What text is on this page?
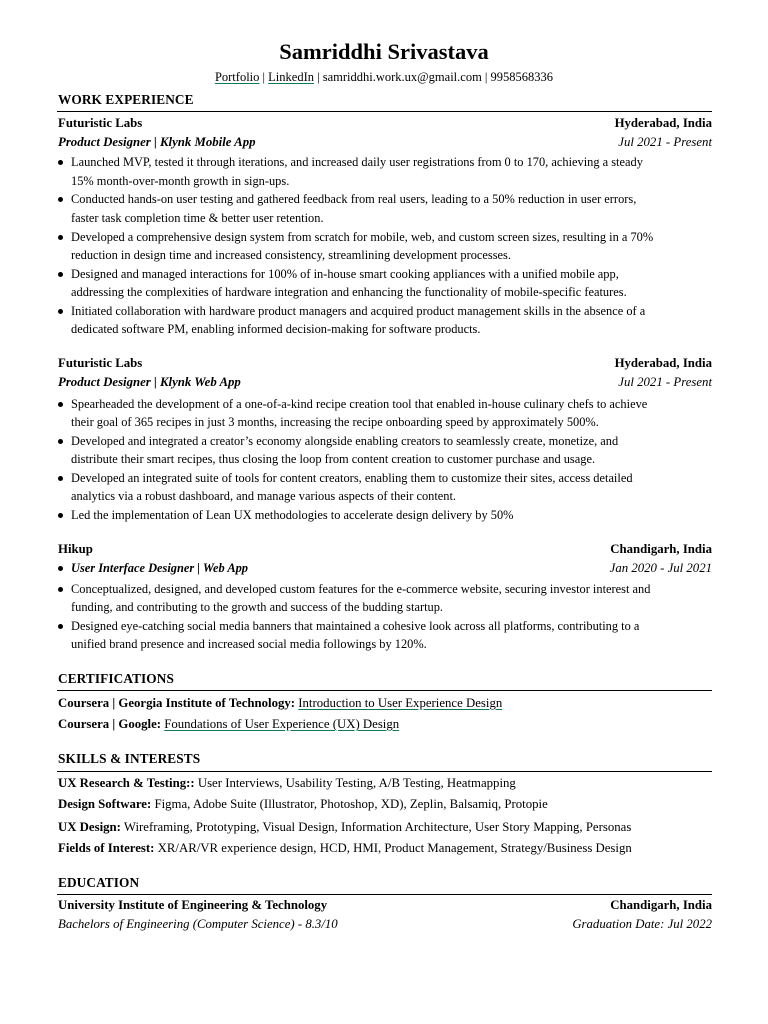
Samriddhi Srivastava
Portfolio | LinkedIn | samriddhi.work.ux@gmail.com | 9958568336
WORK EXPERIENCE
Futuristic Labs	Hyderabad, India
Product Designer | Klynk Mobile App	Jul 2021 - Present
Launched MVP, tested it through iterations, and increased daily user registrations from 0 to 170, achieving a steady
15% month-over-month growth in sign-ups.
Conducted hands-on user testing and gathered feedback from real users, leading to a 50% reduction in user errors,
faster task completion time & better user retention.
Developed a comprehensive design system from scratch for mobile, web, and custom screen sizes, resulting in a 70%
reduction in design time and increased consistency, streamlining development processes.
Designed and managed interactions for 100% of in-house smart cooking appliances with a unified mobile app,
addressing the complexities of hardware integration and enhancing the functionality of mobile-specific features.
Initiated collaboration with hardware product managers and acquired product management skills in the absence of a
dedicated software PM, enabling informed decision-making for software products.
Futuristic Labs	Hyderabad, India
Product Designer | Klynk Web App	Jul 2021 - Present
Spearheaded the development of a one-of-a-kind recipe creation tool that enabled in-house culinary chefs to achieve
their goal of 365 recipes in just 3 months, increasing the recipe onboarding speed by approximately 500%.
Developed and integrated a creator’s economy alongside enabling creators to seamlessly create, monetize, and
distribute their smart recipes, thus closing the loop from content creation to customer purchase and usage.
Developed an integrated suite of tools for content creators, enabling them to customize their sites, access detailed
analytics via a robust dashboard, and manage various aspects of their content.
Led the implementation of Lean UX methodologies to accelerate design delivery by 50%
Hikup	Chandigarh, India
User Interface Designer | Web App	Jan 2020 - Jul 2021
Conceptualized, designed, and developed custom features for the e-commerce website, securing investor interest and
funding, and contributing to the growth and success of the budding startup.
Designed eye-catching social media banners that maintained a cohesive look across all platforms, contributing to a
unified brand presence and increased social media followings by 120%.
CERTIFICATIONS
Coursera | Georgia Institute of Technology: Introduction to User Experience Design
Coursera | Google: Foundations of User Experience (UX) Design
SKILLS & INTERESTS
UX Research & Testing:: User Interviews, Usability Testing, A/B Testing, Heatmapping
Design Software: Figma, Adobe Suite (Illustrator, Photoshop, XD), Zeplin, Balsamiq, Protopie
UX Design: Wireframing, Prototyping, Visual Design, Information Architecture, User Story Mapping, Personas
Fields of Interest: XR/AR/VR experience design, HCD, HMI, Product Management, Strategy/Business Design
EDUCATION
University Institute of Engineering & Technology	Chandigarh, India
Bachelors of Engineering (Computer Science) - 8.3/10	Graduation Date: Jul 2022
